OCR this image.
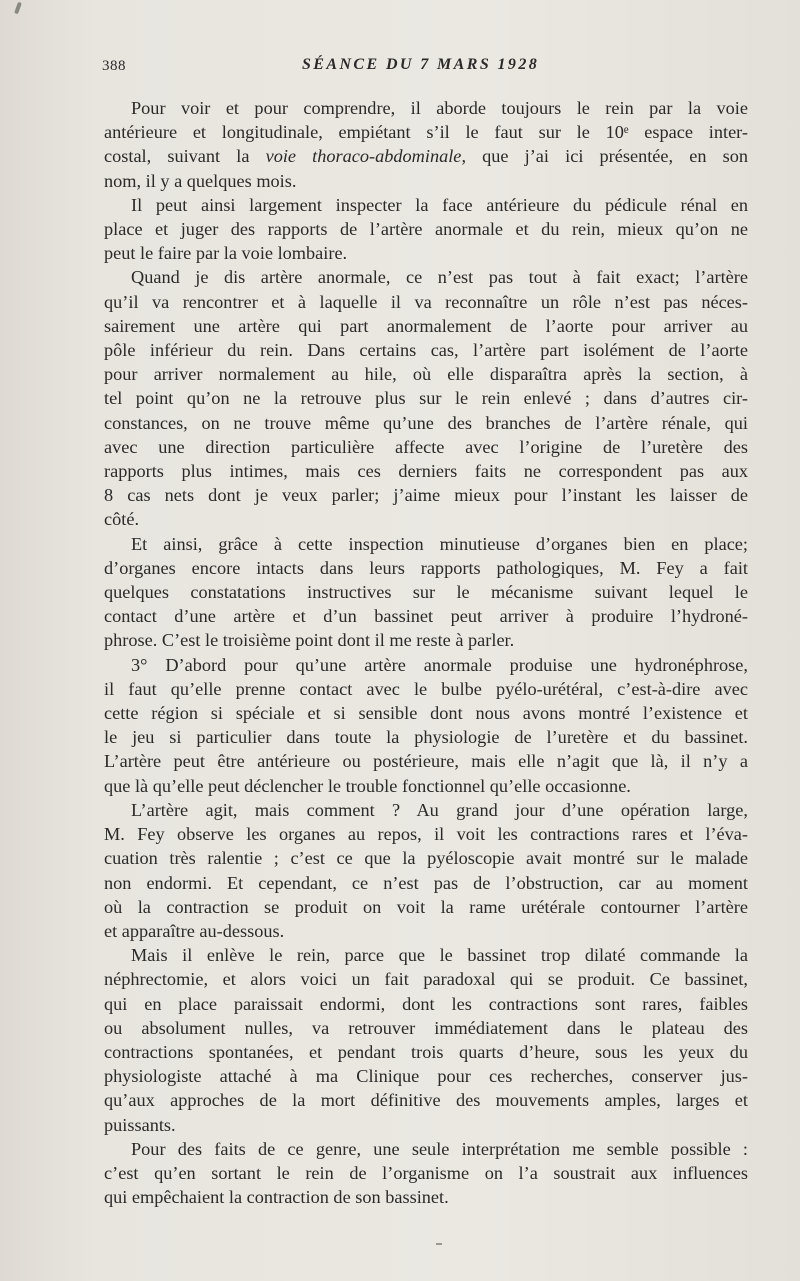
388	SÉANCE DU 7 MARS 1928

Pour voir et pour comprendre, il aborde toujours le rein par la voie
antérieure et longitudinale, empiétant s’il le faut sur le 10ᵉ espace inter-
costal, suivant la voie thoraco-abdominale, que j’ai ici présentée, en son
nom, il y a quelques mois.

Il peut ainsi largement inspecter la face antérieure du pédicule rénal en
place et juger des rapports de l’artère anormale et du rein, mieux qu’on ne
peut le faire par la voie lombaire.

Quand je dis artère anormale, ce n’est pas tout à fait exact; l’artère
qu’il va rencontrer et à laquelle il va reconnaître un rôle n’est pas néces-
sairement une artère qui part anormalement de l’aorte pour arriver au
pôle inférieur du rein. Dans certains cas, l’artère part isolément de l’aorte
pour arriver normalement au hile, où elle disparaîtra après la section, à
tel point qu’on ne la retrouve plus sur le rein enlevé ; dans d’autres cir-
constances, on ne trouve même qu’une des branches de l’artère rénale, qui
avec une direction particulière affecte avec l’origine de l’uretère des
rapports plus intimes, mais ces derniers faits ne correspondent pas aux
8 cas nets dont je veux parler; j’aime mieux pour l’instant les laisser de
côté.

Et ainsi, grâce à cette inspection minutieuse d’organes bien en place;
d’organes encore intacts dans leurs rapports pathologiques, M. Fey a fait
quelques constatations instructives sur le mécanisme suivant lequel le
contact d’une artère et d’un bassinet peut arriver à produire l’hydroné-
phrose. C’est le troisième point dont il me reste à parler.

3° D’abord pour qu’une artère anormale produise une hydronéphrose,
il faut qu’elle prenne contact avec le bulbe pyélo-urétéral, c’est-à-dire avec
cette région si spéciale et si sensible dont nous avons montré l’existence et
le jeu si particulier dans toute la physiologie de l’uretère et du bassinet.
L’artère peut être antérieure ou postérieure, mais elle n’agit que là, il n’y a
que là qu’elle peut déclencher le trouble fonctionnel qu’elle occasionne.

L’artère agit, mais comment ? Au grand jour d’une opération large,
M. Fey observe les organes au repos, il voit les contractions rares et l’éva-
cuation très ralentie ; c’est ce que la pyéloscopie avait montré sur le malade
non endormi. Et cependant, ce n’est pas de l’obstruction, car au moment
où la contraction se produit on voit la rame urétérale contourner l’artère
et apparaître au-dessous.

Mais il enlève le rein, parce que le bassinet trop dilaté commande la
néphrectomie, et alors voici un fait paradoxal qui se produit. Ce bassinet,
qui en place paraissait endormi, dont les contractions sont rares, faibles
ou absolument nulles, va retrouver immédiatement dans le plateau des
contractions spontanées, et pendant trois quarts d’heure, sous les yeux du
physiologiste attaché à ma Clinique pour ces recherches, conserver jus-
qu’aux approches de la mort définitive des mouvements amples, larges et
puissants.

Pour des faits de ce genre, une seule interprétation me semble possible :
c’est qu’en sortant le rein de l’organisme on l’a soustrait aux influences
qui empêchaient la contraction de son bassinet.
